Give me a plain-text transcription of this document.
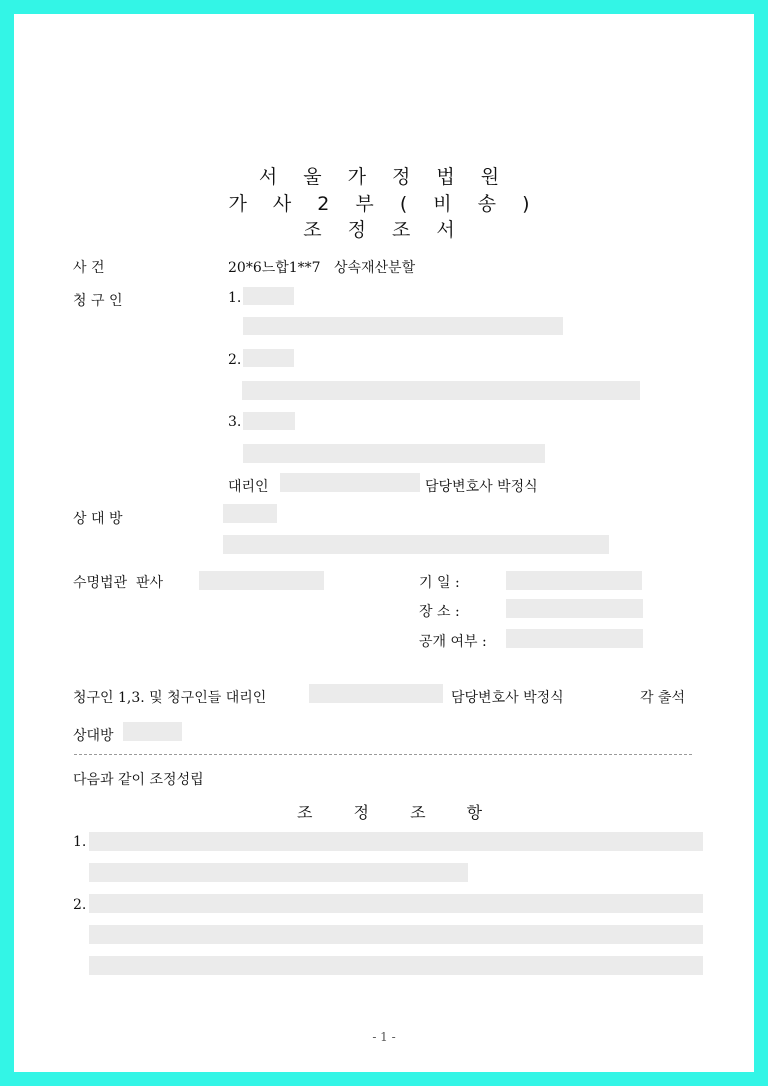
서 울 가 정 법 원
가 사 2 부 ( 비 송 )
조 정 조 서
사 건	20*6느합1**7 상속재산분할
청 구 인	1.
2.
3.
대리인	담당변호사 박정식
상 대 방
수명법관 판사	기 일 :
장 소 :
공개 여부 :
청구인 1,3. 및 청구인들 대리인	담당변호사 박정식	각 출석
상대방
다음과 같이 조정성립
조 정 조 항
1.
2.
- 1 -
